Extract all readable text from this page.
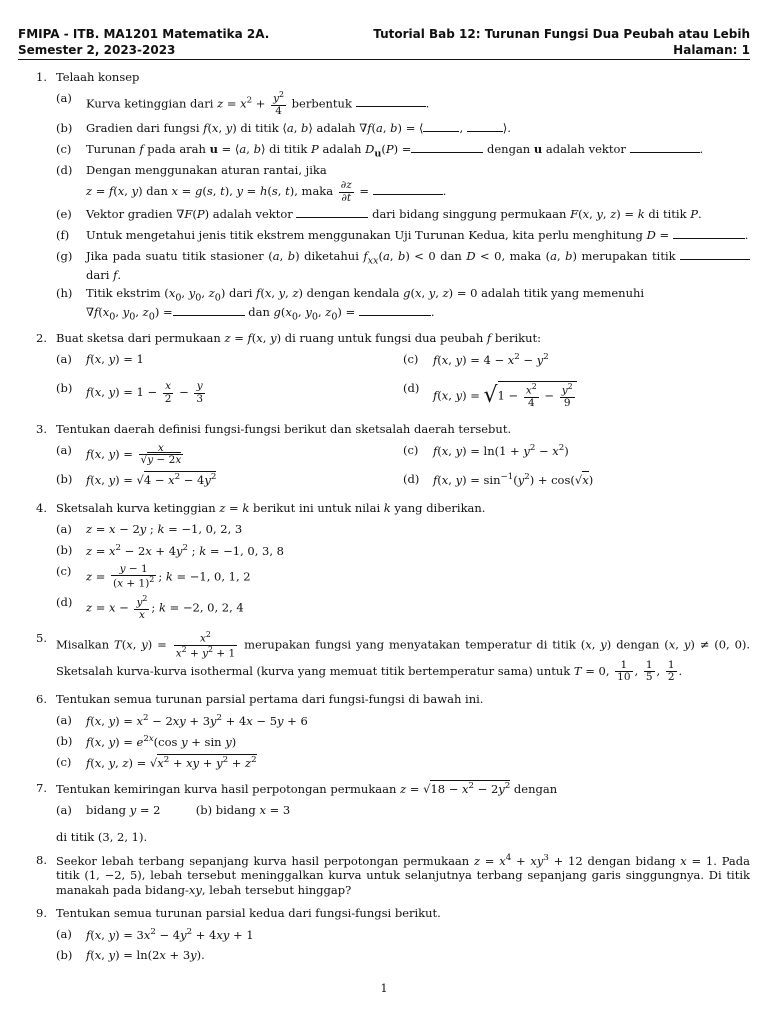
FMIPA - ITB. MA1201 Matematika 2A.	Tutorial Bab 12: Turunan Fungsi Dua Peubah atau Lebih
Semester 2, 2023-2023	Halaman: 1
1. Telaah konsep
(a) Kurva ketinggian dari $z = x^2 + \frac{y^2}{4}$ berbentuk	.
(b) Gradien dari fungsi f(x, y) di titik ⟨a, b⟩ adalah ∇f(a, b) = ⟨	,	⟩.
(c) Turunan f pada arah u = ⟨a, b⟩ di titik P adalah $D_u(P)$ =	dengan u adalah vektor	.
(d) Dengan menggunakan aturan rantai, jika
z = f(x, y) dan x = g(s, t), y = h(s, t), maka $\frac{\partial z}{\partial t}$ =	.
(e) Vektor gradien ∇F(P) adalah vektor	dari bidang singgung permukaan F(x, y, z) = k di titik P.
(f) Untuk mengetahui jenis titik ekstrem menggunakan Uji Turunan Kedua, kita perlu menghitung D =	.
(g) Jika pada suatu titik stasioner (a, b) diketahui $f_{xx}(a$, b) < 0 dan D < 0, maka (a, b) merupakan titik  dari f.
(h) Titik ekstrim ($x_0$, $y_0$, $z_0$) dari f(x, y, z) dengan kendala g(x, y, z) = 0 adalah titik yang memenuhi
$\nabla f(x_0$, $y_0$, $z_0$) =	dan $g(x_0$, $y_0$, $z_0$) =	.
2. Buat sketsa dari permukaan z = f(x, y) di ruang untuk fungsi dua peubah f berikut:
(a) f(x, y) = 1
(b) f(x, $y) = 1 - \frac{x}{2} - \frac{y}{3}$
(c) f(x, $y) = 4 - x^2 - y^2$
(d)
f(x, $y) = √1 - \frac{x^2}{4} - \frac{y^2}{9}$
3. Tentukan daerah definisi fungsi-fungsi berikut dan sketsalah daerah tersebut.
(a) f(x, $y) = \frac{x}{√y - 2x}$
(b) f(x, $y) = √4 - x^2 - 4y^2$
(c) f(x, $y) = \ln(1 + y^2 - x^2)$
(d) f(x, $y) = \sin^{-1}(y^2) + \cos(√x)$
4. Sketsalah kurva ketinggian z = k berikut ini untuk nilai k yang diberikan.
(a) z = x − 2y ; k = −1, 0, 2, 3
(b) $z = x^2 - 2x + 4y^2$ ; k = −1, 0, 3, 8
(c) $z = \frac{y - 1}{(x + 1)^2}$ ; k = −1, 0, 1, 2
(d) $z = x - \frac{y^2}{x}$ ; k = −2, 0, 2, 4
5. Misalkan T(x, $y) = \frac{x^2}{x^2 + y^2 + 1}$ merupakan fungsi yang menyatakan temperatur di titik (x, y) dengan (x, y) ≠ (0, 0). Sketsalah kurva-kurva isothermal (kurva yang memuat titik bertemperatur sama) untuk T = 0, $\frac{1}{10}$ , $\frac{1}{5}$ , $\frac{1}{2}$ .
6. Tentukan semua turunan parsial pertama dari fungsi-fungsi di bawah ini.
(a) f(x, $y) = x^2 - 2xy + 3y^2 + 4x - 5y + 6$
(b) f(x, $y) = e^{2x}(\cos$ y + sin y)
(c) f(x, y, $z) = √x^2$ + xy + $y^2 + z^2$
7. Tentukan kemiringan kurva hasil perpotongan permukaan $z = √18 - x^2 - 2y^2$ dengan
(a) bidang y = 2	(b) bidang x = 3
di titik (3, 2, 1).
8. Seekor lebah terbang sepanjang kurva hasil perpotongan permukaan $z = x^4 + xy^3 + 12$ dengan bidang x = 1. Pada titik (1, −2, 5), lebah tersebut meninggalkan kurva untuk selanjutnya terbang sepanjang garis singgungnya. Di titik manakah pada bidang-xy, lebah tersebut hinggap?
9. Tentukan semua turunan parsial kedua dari fungsi-fungsi berikut.
(a) f(x, $y) = 3x^2 - 4y^2 + 4xy + 1$
(b) f(x, y) = ln(2x + 3y).
1
